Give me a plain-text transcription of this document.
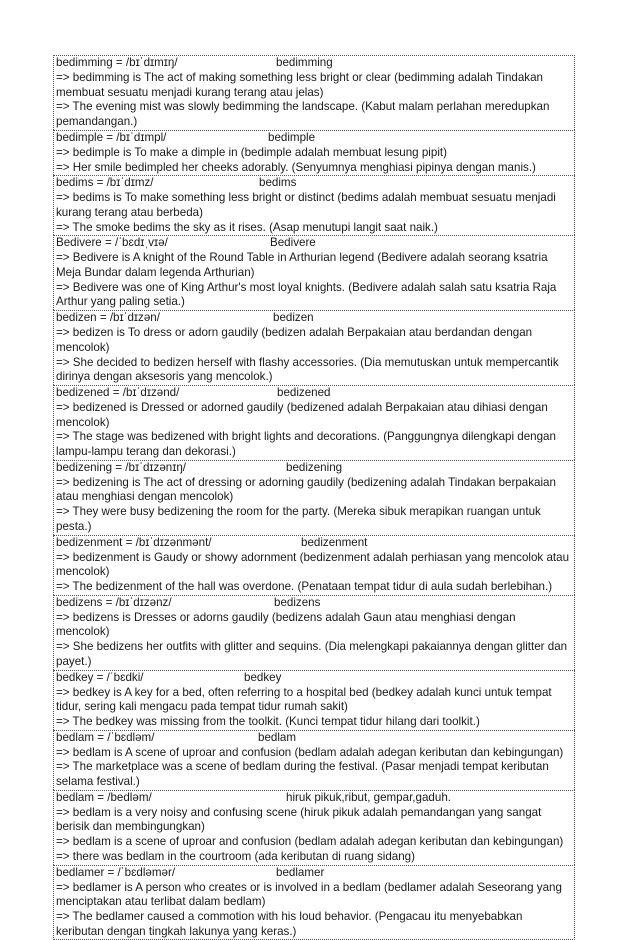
bedimming = /bɪˈdɪmɪŋ/	bedimming
=> bedimming is The act of making something less bright or clear (bedimming adalah Tindakan membuat sesuatu menjadi kurang terang atau jelas)
=> The evening mist was slowly bedimming the landscape. (Kabut malam perlahan meredupkan pemandangan.)
bedimple = /bɪˈdɪmpl/	bedimple
=> bedimple is To make a dimple in (bedimple adalah membuat lesung pipit)
=> Her smile bedimpled her cheeks adorably. (Senyumnya menghiasi pipinya dengan manis.)
bedims = /bɪˈdɪmz/	bedims
=> bedims is To make something less bright or distinct (bedims adalah membuat sesuatu menjadi kurang terang atau berbeda)
=> The smoke bedims the sky as it rises. (Asap menutupi langit saat naik.)
Bedivere = /ˈbɛdɪˌvɪə/	Bedivere
=> Bedivere is A knight of the Round Table in Arthurian legend (Bedivere adalah seorang ksatria Meja Bundar dalam legenda Arthurian)
=> Bedivere was one of King Arthur's most loyal knights. (Bedivere adalah salah satu ksatria Raja Arthur yang paling setia.)
bedizen = /bɪˈdɪzən/	bedizen
=> bedizen is To dress or adorn gaudily (bedizen adalah Berpakaian atau berdandan dengan mencolok)
=> She decided to bedizen herself with flashy accessories. (Dia memutuskan untuk mempercantik dirinya dengan aksesoris yang mencolok.)
bedizened = /bɪˈdɪzənd/	bedizened
=> bedizened is Dressed or adorned gaudily (bedizened adalah Berpakaian atau dihiasi dengan mencolok)
=> The stage was bedizened with bright lights and decorations. (Panggungnya dilengkapi dengan lampu-lampu terang dan dekorasi.)
bedizening = /bɪˈdɪzənɪŋ/	bedizening
=> bedizening is The act of dressing or adorning gaudily (bedizening adalah Tindakan berpakaian atau menghiasi dengan mencolok)
=> They were busy bedizening the room for the party. (Mereka sibuk merapikan ruangan untuk pesta.)
bedizenment = /bɪˈdɪzənmənt/	bedizenment
=> bedizenment is Gaudy or showy adornment (bedizenment adalah perhiasan yang mencolok atau mencolok)
=> The bedizenment of the hall was overdone. (Penataan tempat tidur di aula sudah berlebihan.)
bedizens = /bɪˈdɪzənz/	bedizens
=> bedizens is Dresses or adorns gaudily (bedizens adalah Gaun atau menghiasi dengan mencolok)
=> She bedizens her outfits with glitter and sequins. (Dia melengkapi pakaiannya dengan glitter dan payet.)
bedkey = /ˈbɛdki/	bedkey
=> bedkey is A key for a bed, often referring to a hospital bed (bedkey adalah kunci untuk tempat tidur, sering kali mengacu pada tempat tidur rumah sakit)
=> The bedkey was missing from the toolkit. (Kunci tempat tidur hilang dari toolkit.)
bedlam = /ˈbɛdləm/	bedlam
=> bedlam is A scene of uproar and confusion (bedlam adalah adegan keributan dan kebingungan)
=> The marketplace was a scene of bedlam during the festival. (Pasar menjadi tempat keributan selama festival.)
bedlam = /bedləm/	hiruk pikuk,ribut, gempar,gaduh.
=> bedlam is a very noisy and confusing scene (hiruk pikuk adalah pemandangan yang sangat berisik dan membingungkan)
=> bedlam is a scene of uproar and confusion (bedlam adalah adegan keributan dan kebingungan)
=> there was bedlam in the courtroom (ada keributan di ruang sidang)
bedlamer = /ˈbɛdləmər/	bedlamer
=> bedlamer is A person who creates or is involved in a bedlam (bedlamer adalah Seseorang yang menciptakan atau terlibat dalam bedlam)
=> The bedlamer caused a commotion with his loud behavior. (Pengacau itu menyebabkan keributan dengan tingkah lakunya yang keras.)
